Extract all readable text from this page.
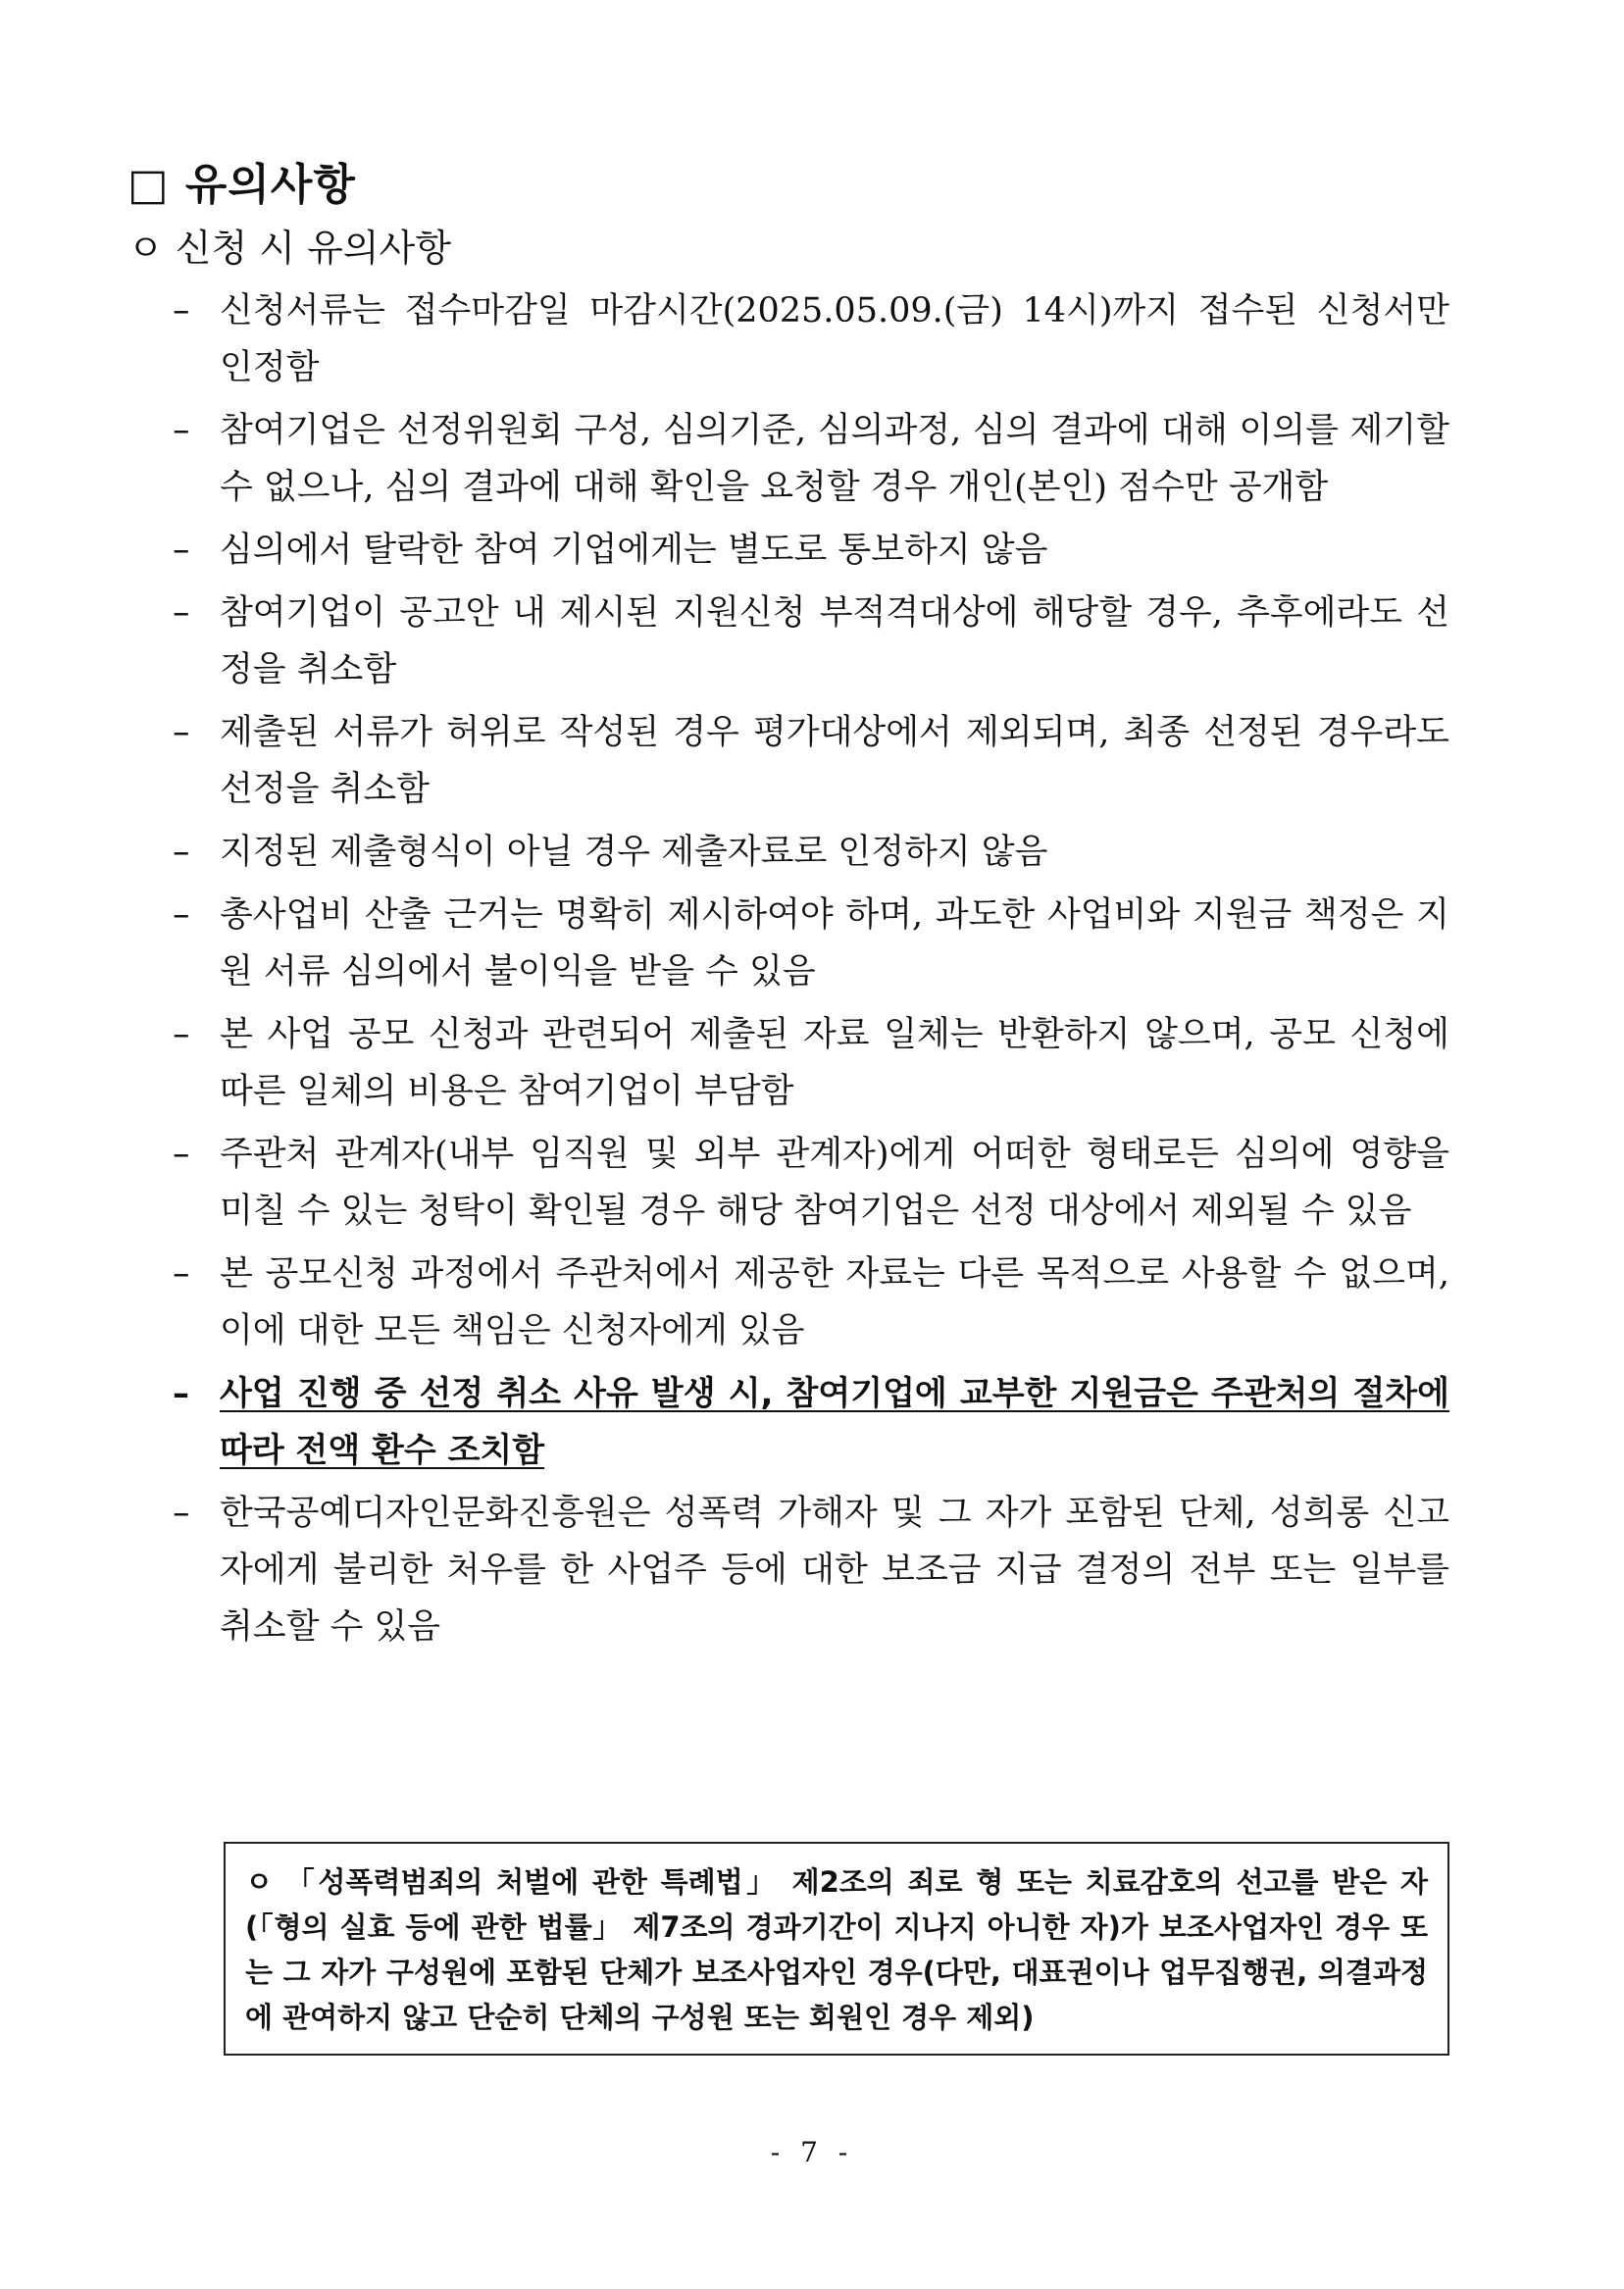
□ 유의사항
ㅇ 신청 시 유의사항
– 신청서류는 접수마감일 마감시간(2025.05.09.(금) 14시)까지 접수된 신청서만 인정함
– 참여기업은 선정위원회 구성, 심의기준, 심의과정, 심의 결과에 대해 이의를 제기할 수 없으나, 심의 결과에 대해 확인을 요청할 경우 개인(본인) 점수만 공개함
– 심의에서 탈락한 참여 기업에게는 별도로 통보하지 않음
– 참여기업이 공고안 내 제시된 지원신청 부적격대상에 해당할 경우, 추후에라도 선정을 취소함
– 제출된 서류가 허위로 작성된 경우 평가대상에서 제외되며, 최종 선정된 경우라도 선정을 취소함
– 지정된 제출형식이 아닐 경우 제출자료로 인정하지 않음
– 총사업비 산출 근거는 명확히 제시하여야 하며, 과도한 사업비와 지원금 책정은 지원 서류 심의에서 불이익을 받을 수 있음
– 본 사업 공모 신청과 관련되어 제출된 자료 일체는 반환하지 않으며, 공모 신청에 따른 일체의 비용은 참여기업이 부담함
– 주관처 관계자(내부 임직원 및 외부 관계자)에게 어떠한 형태로든 심의에 영향을 미칠 수 있는 청탁이 확인될 경우 해당 참여기업은 선정 대상에서 제외될 수 있음
– 본 공모신청 과정에서 주관처에서 제공한 자료는 다른 목적으로 사용할 수 없으며, 이에 대한 모든 책임은 신청자에게 있음
– 사업 진행 중 선정 취소 사유 발생 시, 참여기업에 교부한 지원금은 주관처의 절차에 따라 전액 환수 조치함
– 한국공예디자인문화진흥원은 성폭력 가해자 및 그 자가 포함된 단체, 성희롱 신고자에게 불리한 처우를 한 사업주 등에 대한 보조금 지급 결정의 전부 또는 일부를 취소할 수 있음
ㅇ 「성폭력범죄의 처벌에 관한 특례법」 제2조의 죄로 형 또는 치료감호의 선고를 받은 자(「형의 실효 등에 관한 법률」 제7조의 경과기간이 지나지 아니한 자)가 보조사업자인 경우 또는 그 자가 구성원에 포함된 단체가 보조사업자인 경우(다만, 대표권이나 업무집행권, 의결과정에 관여하지 않고 단순히 단체의 구성원 또는 회원인 경우 제외)
- 7 -
